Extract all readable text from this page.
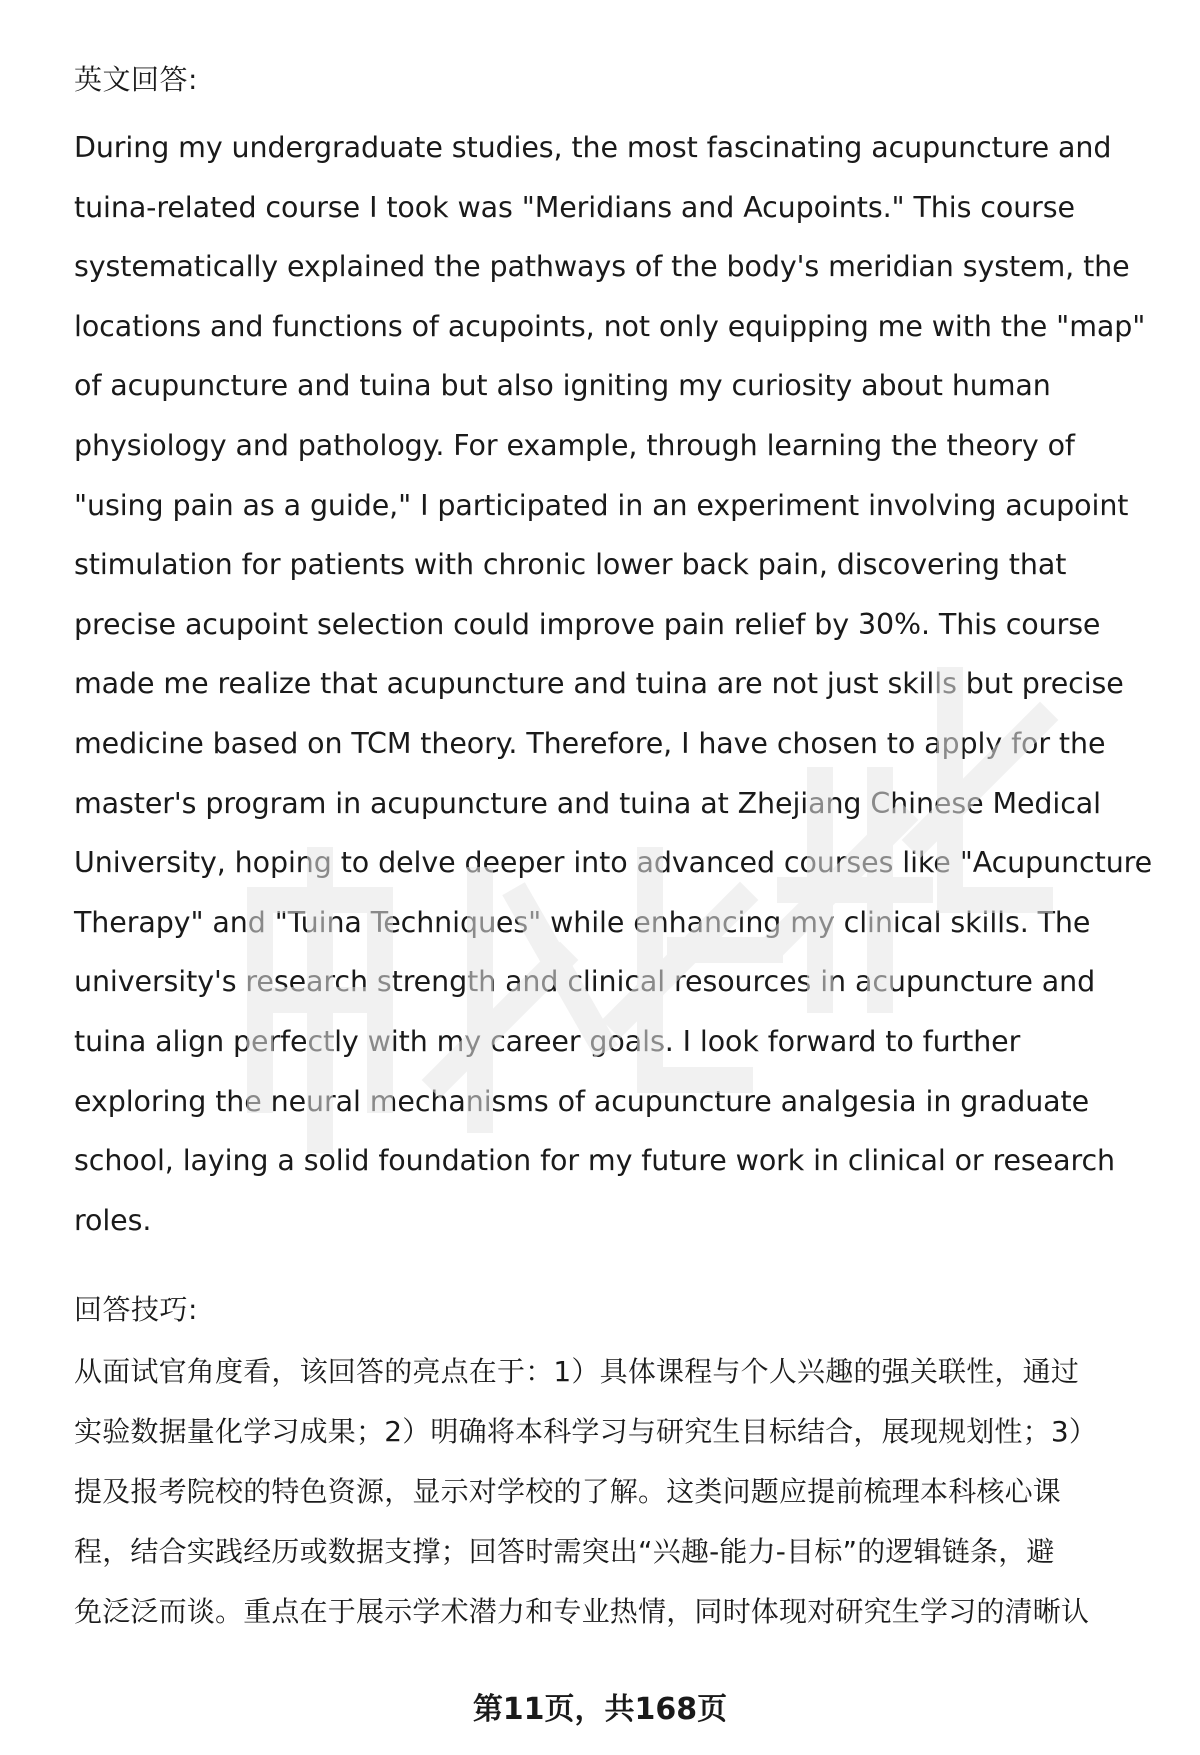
英文回答:
During my undergraduate studies, the most fascinating acupuncture and
tuina-related course I took was "Meridians and Acupoints." This course
systematically explained the pathways of the body's meridian system, the
locations and functions of acupoints, not only equipping me with the "map"
of acupuncture and tuina but also igniting my curiosity about human
physiology and pathology. For example, through learning the theory of
"using pain as a guide," I participated in an experiment involving acupoint
stimulation for patients with chronic lower back pain, discovering that
precise acupoint selection could improve pain relief by 30%. This course
made me realize that acupuncture and tuina are not just skills but precise
medicine based on TCM theory. Therefore, I have chosen to apply for the
master's program in acupuncture and tuina at Zhejiang Chinese Medical
University, hoping to delve deeper into advanced courses like "Acupuncture
Therapy" and "Tuina Techniques" while enhancing my clinical skills. The
university's research strength and clinical resources in acupuncture and
tuina align perfectly with my career goals. I look forward to further
exploring the neural mechanisms of acupuncture analgesia in graduate
school, laying a solid foundation for my future work in clinical or research
roles.
回答技巧:
从面试官角度看，该回答的亮点在于：1）具体课程与个人兴趣的强关联性，通过
实验数据量化学习成果；2）明确将本科学习与研究生目标结合，展现规划性；3）
提及报考院校的特色资源，显示对学校的了解。这类问题应提前梳理本科核心课
程，结合实践经历或数据支撑；回答时需突出“兴趣-能力-目标”的逻辑链条，避
免泛泛而谈。重点在于展示学术潜力和专业热情，同时体现对研究生学习的清晰认
第11页，共168页
